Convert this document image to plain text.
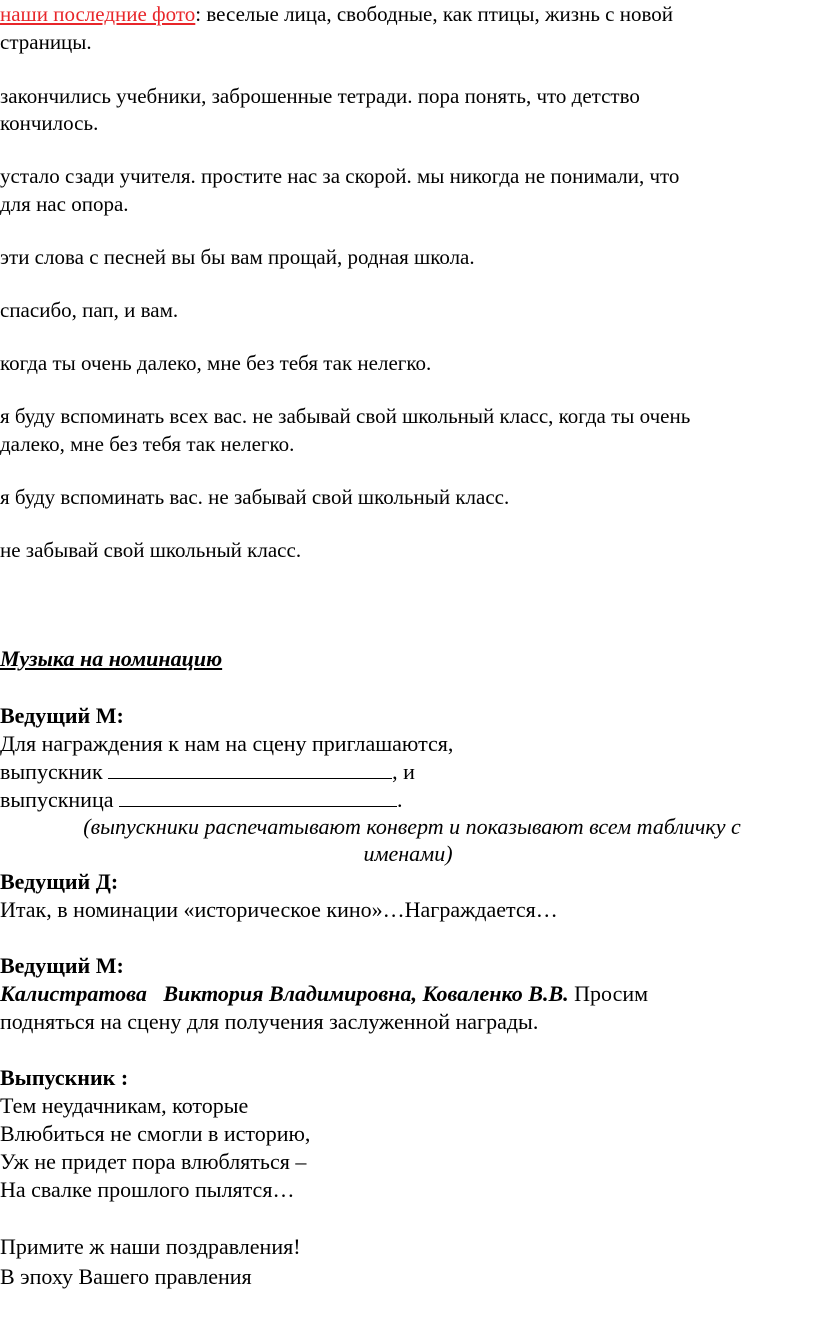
наши последние фото: веселые лица, свободные, как птицы, жизнь с новой
страницы.
закончились учебники, заброшенные тетради. пора понять, что детство
кончилось.
устало сзади учителя. простите нас за скорой. мы никогда не понимали, что
для нас опора.
эти слова с песней вы бы вам прощай, родная школа.
спасибо, пап, и вам.
когда ты очень далеко, мне без тебя так нелегко.
я буду вспоминать всех вас. не забывай свой школьный класс, когда ты очень
далеко, мне без тебя так нелегко.
я буду вспоминать вас. не забывай свой школьный класс.
не забывай свой школьный класс.
Музыка на номинацию
Ведущий М:
Для награждения к нам на сцену приглашаются,
выпускник	, и
выпускница	.
(выпускники распечатывают конверт и показывают всем табличку с
именами)
Ведущий Д:
Итак, в номинации «историческое кино»…Награждается…
Ведущий М:
Калистратова   Виктория Владимировна, Коваленко В.В. Просим
подняться на сцену для получения заслуженной награды.
Выпускник :
Тем неудачникам, которые
Влюбиться не смогли в историю,
Уж не придет пора влюбляться –
На свалке прошлого пылятся…
Примите ж наши поздравления!
В эпоху Вашего правления
